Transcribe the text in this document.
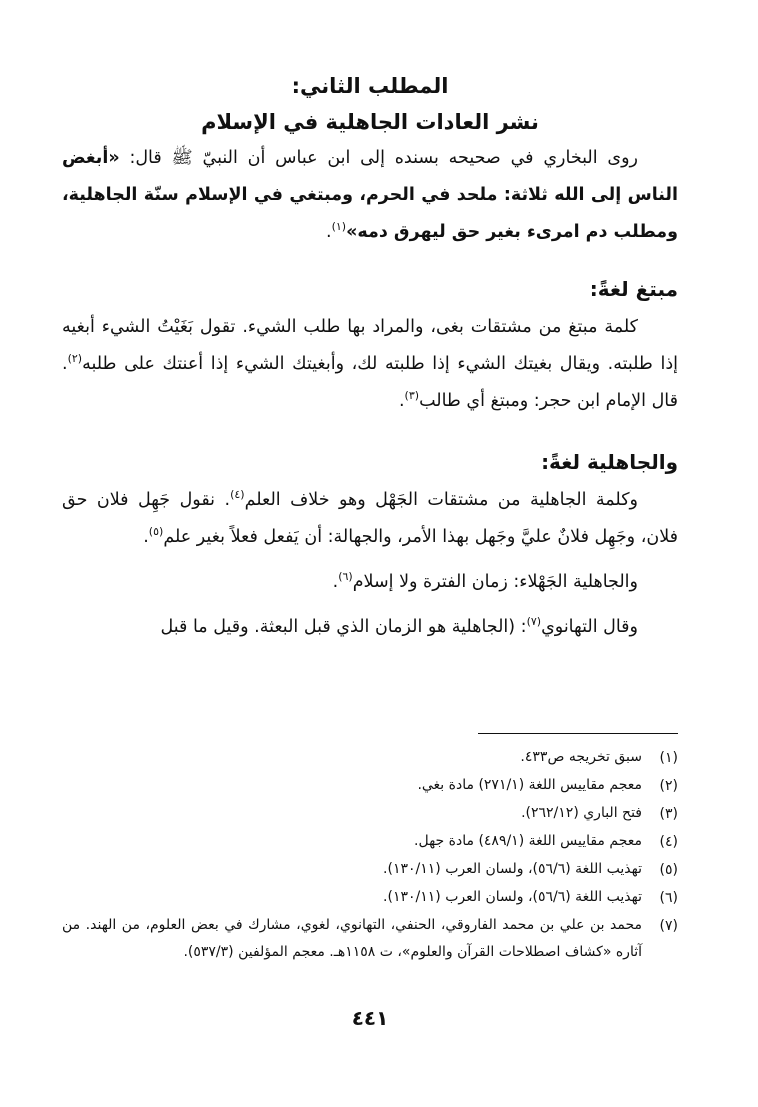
المطلب الثاني:

نشر العادات الجاهلية في الإسلام

روى البخاري في صحيحه بسنده إلى ابن عباس أن النبيّ ﷺ قال: «أبغض الناس إلى الله ثلاثة: ملحد في الحرم، ومبتغي في الإسلام سنّة الجاهلية، ومطلب دم امرىء بغير حق ليهرق دمه»$^{(١)}$.

مبتغ لغةً:

كلمة مبتغ من مشتقات بغى، والمراد بها طلب الشيء. تقول بَغَيْتُ الشيء أبغيه إذا طلبته. ويقال بغيتك الشيء إذا طلبته لك، وأبغيتك الشيء إذا أعنتك على طلبه$^{(٢)}$. قال الإمام ابن حجر: ومبتغ أي طالب$^{(٣)}$.

والجاهلية لغةً:

وكلمة الجاهلية من مشتقات الجَهْل وهو خلاف العلم$^{(٤)}$. نقول جَهِل فلان حق فلان، وجَهِل فلانٌ عليَّ وجَهل بهذا الأمر، والجهالة: أن يَفعل فعلاً بغير علم$^{(٥)}$.

والجاهلية الجَهْلاء: زمان الفترة ولا إسلام$^{(٦)}$.

وقال التهانوي$^{(٧)}$: (الجاهلية هو الزمان الذي قبل البعثة. وقيل ما قبل

(١)
سبق تخريجه ص٤٣٣.
(٢)
معجم مقاييس اللغة (٢٧١/١) مادة بغي.
(٣)
فتح الباري (٢٦٢/١٢).
(٤)
معجم مقاييس اللغة (٤٨٩/١) مادة جهل.
(٥)
تهذيب اللغة (٥٦/٦)، ولسان العرب (١٣٠/١١).
(٦)
تهذيب اللغة (٥٦/٦)، ولسان العرب (١٣٠/١١).
(٧)
محمد بن علي بن محمد الفاروقي، الحنفي، التهانوي، لغوي، مشارك في بعض العلوم، من الهند. من آثاره «كشاف اصطلاحات القرآن والعلوم»، ت ١١٥٨هـ. معجم المؤلفين (٥٣٧/٣).
٤٤١
